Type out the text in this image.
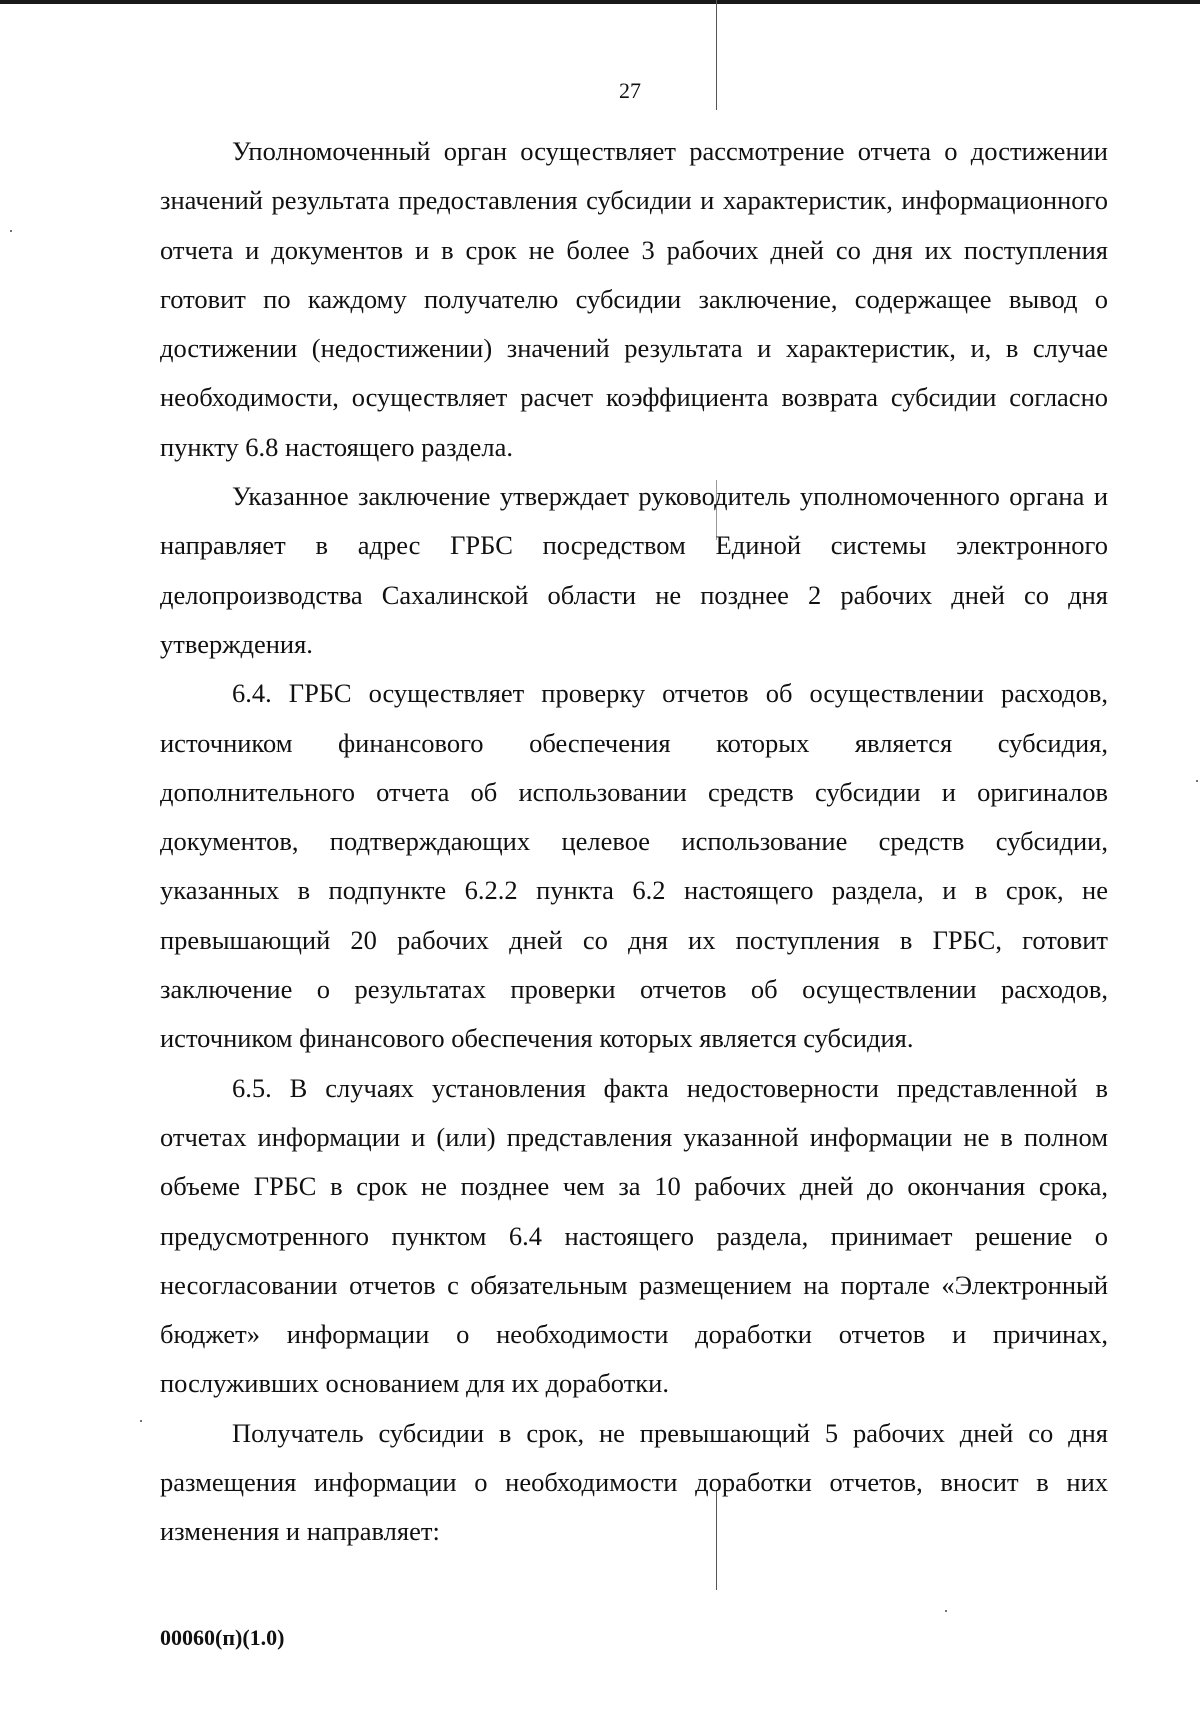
27

Уполномоченный орган осуществляет рассмотрение отчета о достижении значений результата предоставления субсидии и характеристик, информационного отчета и документов и в срок не более 3 рабочих дней со дня их поступления готовит по каждому получателю субсидии заключение, содержащее вывод о достижении (недостижении) значений результата и характеристик, и, в случае необходимости, осуществляет расчет коэффициента возврата субсидии согласно пункту 6.8 настоящего раздела.

Указанное заключение утверждает руководитель уполномоченного органа и направляет в адрес ГРБС посредством Единой системы электронного делопроизводства Сахалинской области не позднее 2 рабочих дней со дня утверждения.

6.4. ГРБС осуществляет проверку отчетов об осуществлении расходов, источником финансового обеспечения которых является субсидия, дополнительного отчета об использовании средств субсидии и оригиналов документов, подтверждающих целевое использование средств субсидии, указанных в подпункте 6.2.2 пункта 6.2 настоящего раздела, и в срок, не превышающий 20 рабочих дней со дня их поступления в ГРБС, готовит заключение о результатах проверки отчетов об осуществлении расходов, источником финансового обеспечения которых является субсидия.

6.5. В случаях установления факта недостоверности представленной в отчетах информации и (или) представления указанной информации не в полном объеме ГРБС в срок не позднее чем за 10 рабочих дней до окончания срока, предусмотренного пунктом 6.4 настоящего раздела, принимает решение о несогласовании отчетов с обязательным размещением на портале «Электронный бюджет» информации о необходимости доработки отчетов и причинах, послуживших основанием для их доработки.

Получатель субсидии в срок, не превышающий 5 рабочих дней со дня размещения информации о необходимости доработки отчетов, вносит в них изменения и направляет:

00060(п)(1.0)
